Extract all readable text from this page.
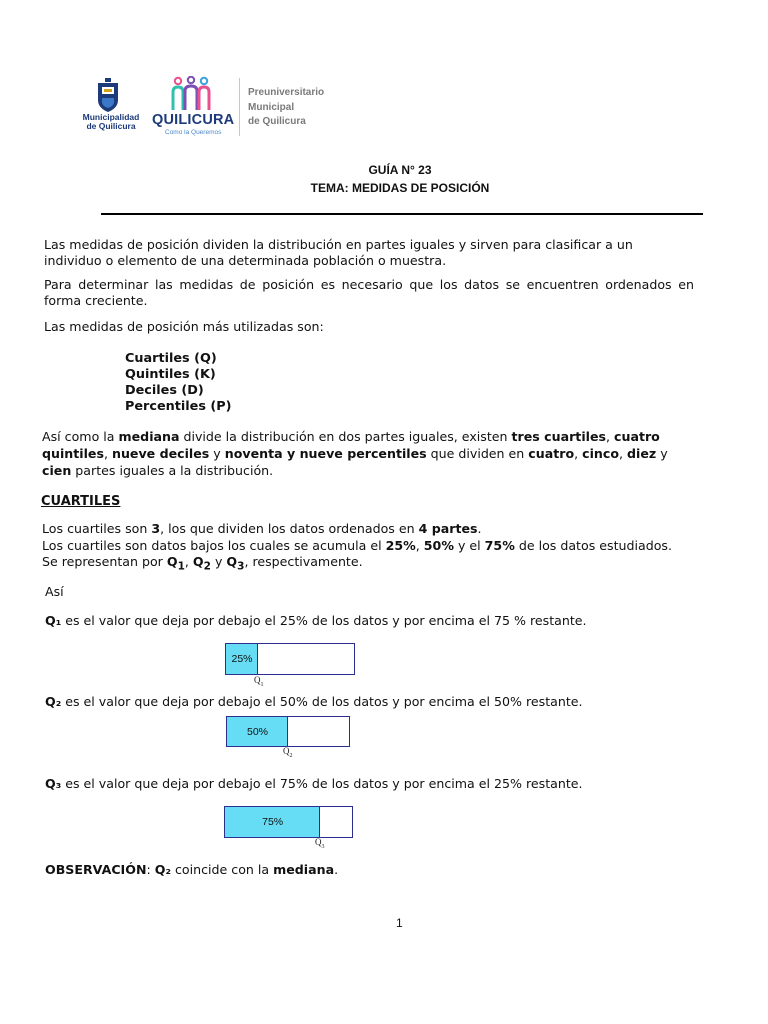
Municipalidad
de Quilicura	QUILICURA
Como la Queremos
Preuniversitario
Municipal
de Quilicura
GUÍA N° 23
TEMA: MEDIDAS DE POSICIÓN
Las medidas de posición dividen la distribución en partes iguales y sirven para clasificar a un individuo o elemento de una determinada población o muestra.
Para determinar las medidas de posición es necesario que los datos se encuentren ordenados en forma creciente.
Las medidas de posición más utilizadas son:
Cuartiles (Q)
Quintiles (K)
Deciles (D)
Percentiles (P)
Así como la mediana divide la distribución en dos partes iguales, existen tres cuartiles, cuatro quintiles, nueve deciles y noventa y nueve percentiles que dividen en cuatro, cinco, diez y cien partes iguales a la distribución.
CUARTILES
Los cuartiles son 3, los que dividen los datos ordenados en 4 partes.
Los cuartiles son datos bajos los cuales se acumula el 25%, 50% y el 75% de los datos estudiados.
Se representan por $Q_1$, $Q_2$ y $Q_3$, respectivamente.
Así
Q₁ es el valor que deja por debajo el 25% de los datos y por encima el 75 % restante.
25%
$Q_1$
Q₂ es el valor que deja por debajo el 50% de los datos y por encima el 50% restante.
50%
$Q_2$
Q₃ es el valor que deja por debajo el 75% de los datos y por encima el 25% restante.
75%
$Q_3$
OBSERVACIÓN: Q₂ coincide con la mediana.
1
